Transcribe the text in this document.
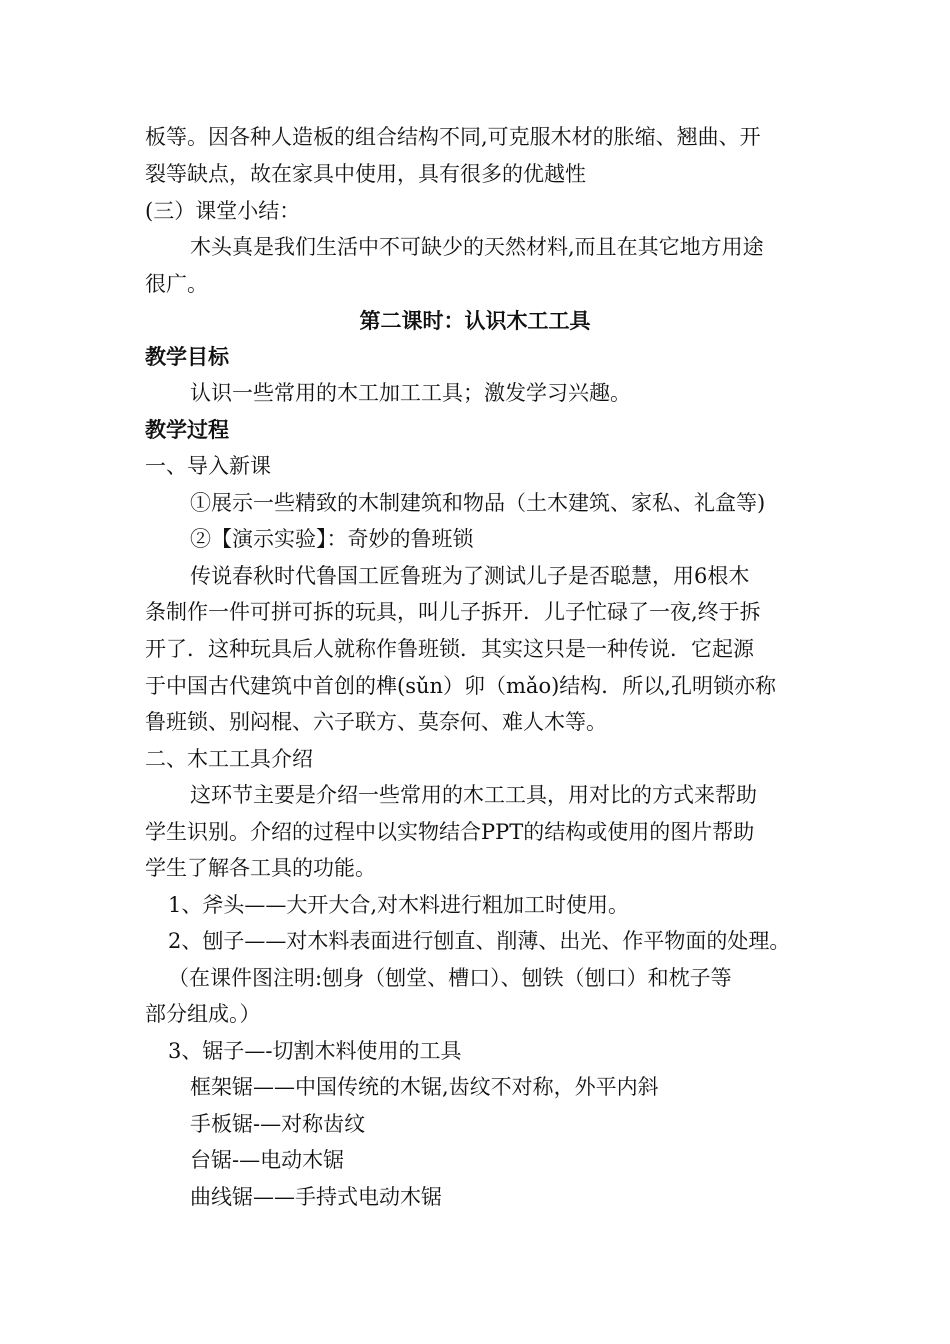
板等。因各种人造板的组合结构不同,可克服木材的胀缩、翘曲、开
裂等缺点，故在家具中使用，具有很多的优越性
(三）课堂小结：
木头真是我们生活中不可缺少的天然材料,而且在其它地方用途
很广。
第二课时：认识木工工具
教学目标
认识一些常用的木工加工工具；激发学习兴趣。
教学过程
一、导入新课
①展示一些精致的木制建筑和物品（土木建筑、家私、礼盒等)
②【演示实验】：奇妙的鲁班锁
传说春秋时代鲁国工匠鲁班为了测试儿子是否聪慧，用6根木
条制作一件可拼可拆的玩具，叫儿子拆开．儿子忙碌了一夜,终于拆
开了．这种玩具后人就称作鲁班锁．其实这只是一种传说．它起源
于中国古代建筑中首创的榫(sǔn）卯（mǎo)结构．所以,孔明锁亦称
鲁班锁、别闷棍、六子联方、莫奈何、难人木等。
二、木工工具介绍
这环节主要是介绍一些常用的木工工具，用对比的方式来帮助
学生识别。介绍的过程中以实物结合PPT的结构或使用的图片帮助
学生了解各工具的功能。
1、斧头——大开大合,对木料进行粗加工时使用。
2、刨子——对木料表面进行刨直、削薄、出光、作平物面的处理。
（在课件图注明:刨身（刨堂、槽口）、刨铁（刨口）和枕子等
部分组成。）
3、锯子—-切割木料使用的工具
框架锯——中国传统的木锯,齿纹不对称，外平内斜
手板锯-—对称齿纹
台锯-—电动木锯
曲线锯——手持式电动木锯
